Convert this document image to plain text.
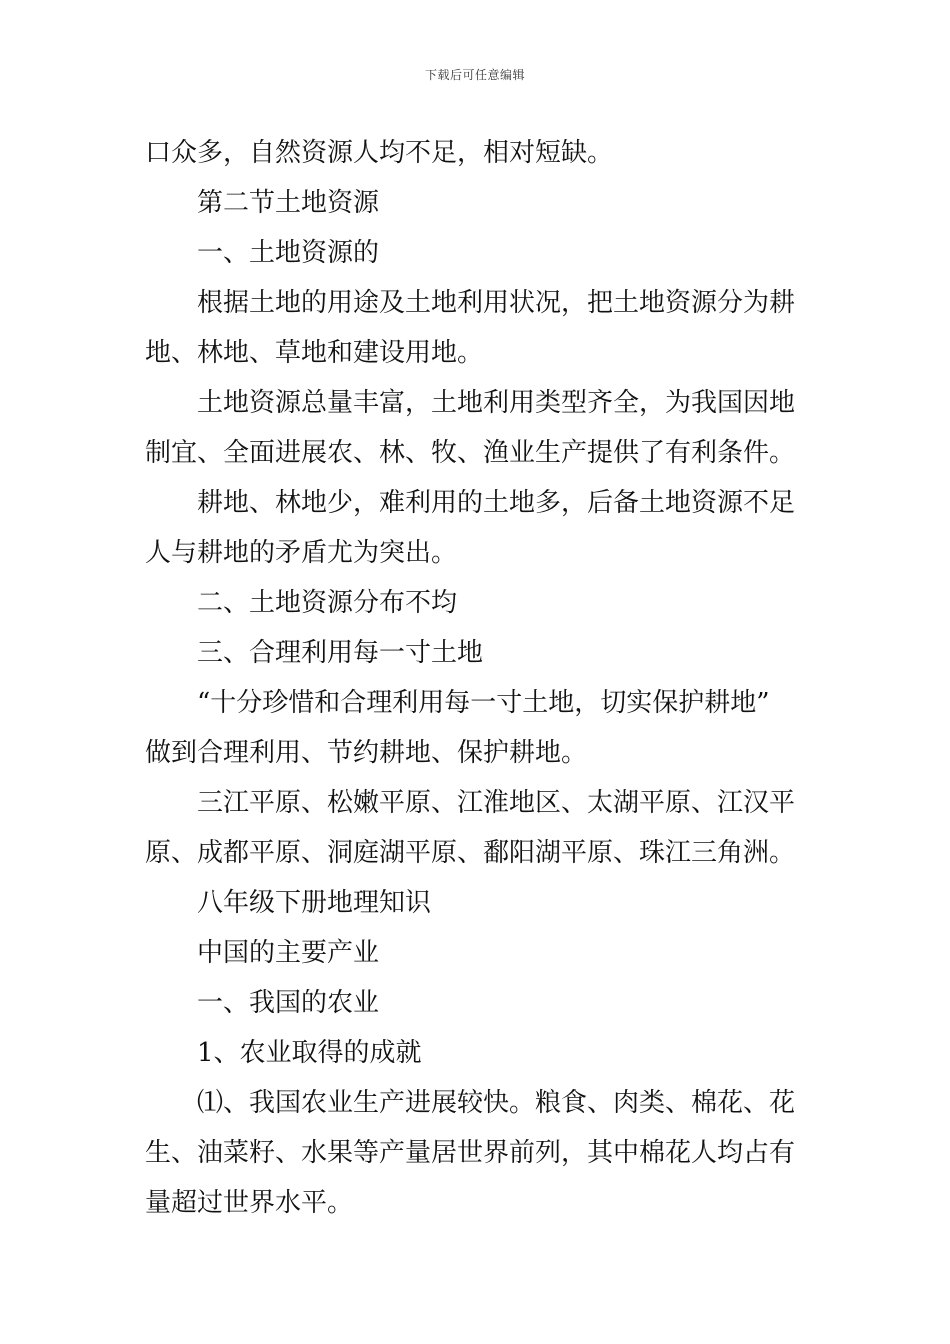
下载后可任意编辑
口众多，自然资源人均不足，相对短缺。
第二节土地资源
一、土地资源的
根据土地的用途及土地利用状况，把土地资源分为耕
地、林地、草地和建设用地。
土地资源总量丰富，土地利用类型齐全，为我国因地
制宜、全面进展农、林、牧、渔业生产提供了有利条件。
耕地、林地少，难利用的土地多，后备土地资源不足
人与耕地的矛盾尤为突出。
二、土地资源分布不均
三、合理利用每一寸土地
“十分珍惜和合理利用每一寸土地，切实保护耕地”
做到合理利用、节约耕地、保护耕地。
三江平原、松嫩平原、江淮地区、太湖平原、江汉平
原、成都平原、洞庭湖平原、鄱阳湖平原、珠江三角洲。
八年级下册地理知识
中国的主要产业
一、我国的农业
1、农业取得的成就
⑴、我国农业生产进展较快。粮食、肉类、棉花、花
生、油菜籽、水果等产量居世界前列，其中棉花人均占有
量超过世界水平。
